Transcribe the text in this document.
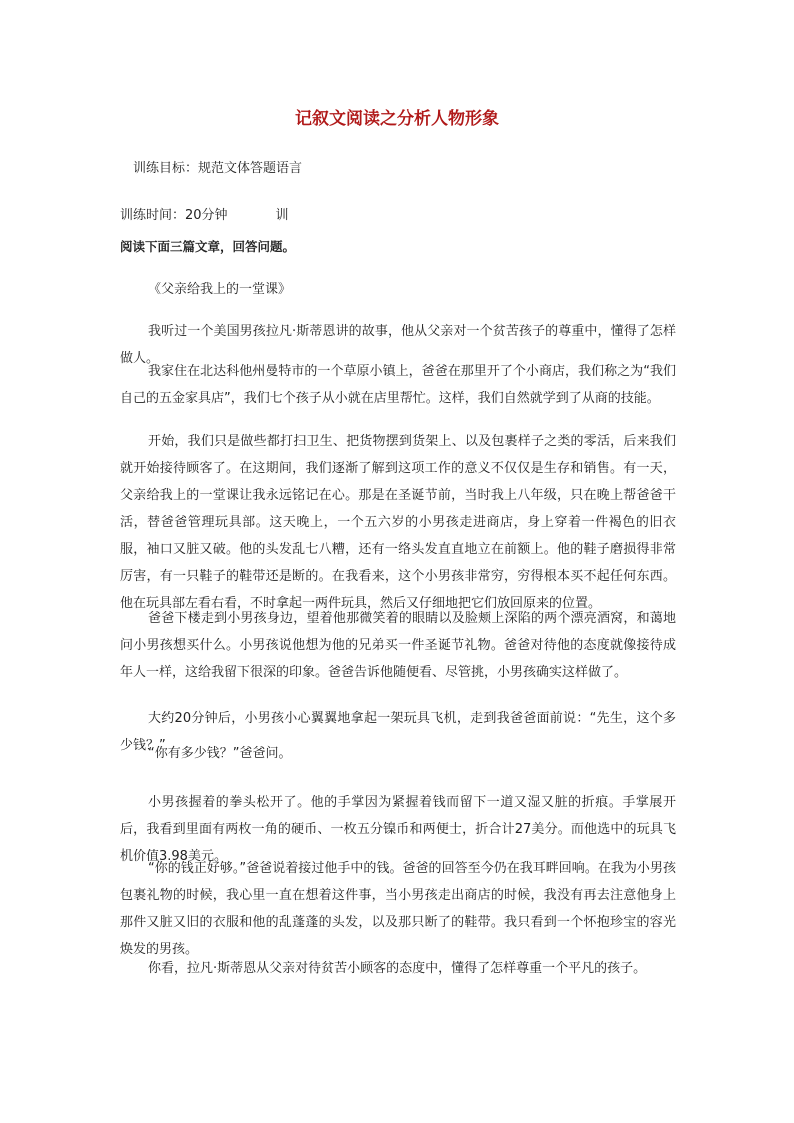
记叙文阅读之分析人物形象
训练目标：规范文体答题语言
训练时间：20分钟	训
阅读下面三篇文章，回答问题。
《父亲给我上的一堂课》

我听过一个美国男孩拉凡·斯蒂恩讲的故事，他从父亲对一个贫苦孩子的尊重中，懂得了怎样做人。

我家住在北达科他州曼特市的一个草原小镇上，爸爸在那里开了个小商店，我们称之为“我们自己的五金家具店”，我们七个孩子从小就在店里帮忙。这样，我们自然就学到了从商的技能。

开始，我们只是做些都打扫卫生、把货物摆到货架上、以及包裹样子之类的零活，后来我们就开始接待顾客了。在这期间，我们逐渐了解到这项工作的意义不仅仅是生存和销售。有一天，父亲给我上的一堂课让我永远铭记在心。那是在圣诞节前，当时我上八年级，只在晚上帮爸爸干活，替爸爸管理玩具部。这天晚上，一个五六岁的小男孩走进商店，身上穿着一件褐色的旧衣服，袖口又脏又破。他的头发乱七八糟，还有一络头发直直地立在前额上。他的鞋子磨损得非常厉害，有一只鞋子的鞋带还是断的。在我看来，这个小男孩非常穷，穷得根本买不起任何东西。他在玩具部左看右看，不时拿起一两件玩具，然后又仔细地把它们放回原来的位置。

爸爸下楼走到小男孩身边，望着他那微笑着的眼睛以及脸颊上深陷的两个漂亮酒窝，和蔼地问小男孩想买什么。小男孩说他想为他的兄弟买一件圣诞节礼物。爸爸对待他的态度就像接待成年人一样，这给我留下很深的印象。爸爸告诉他随便看、尽管挑，小男孩确实这样做了。

大约20分钟后，小男孩小心翼翼地拿起一架玩具飞机，走到我爸爸面前说：“先生，这个多少钱？”

“你有多少钱？”爸爸问。

小男孩握着的拳头松开了。他的手掌因为紧握着钱而留下一道又湿又脏的折痕。手掌展开后，我看到里面有两枚一角的硬币、一枚五分镍币和两便士，折合计27美分。而他选中的玩具飞机价值3.98美元。

“你的钱正好够。”爸爸说着接过他手中的钱。爸爸的回答至今仍在我耳畔回响。在我为小男孩包裹礼物的时候，我心里一直在想着这件事，当小男孩走出商店的时候，我没有再去注意他身上那件又脏又旧的衣服和他的乱蓬蓬的头发，以及那只断了的鞋带。我只看到一个怀抱珍宝的容光焕发的男孩。

你看，拉凡·斯蒂恩从父亲对待贫苦小顾客的态度中，懂得了怎样尊重一个平凡的孩子。
